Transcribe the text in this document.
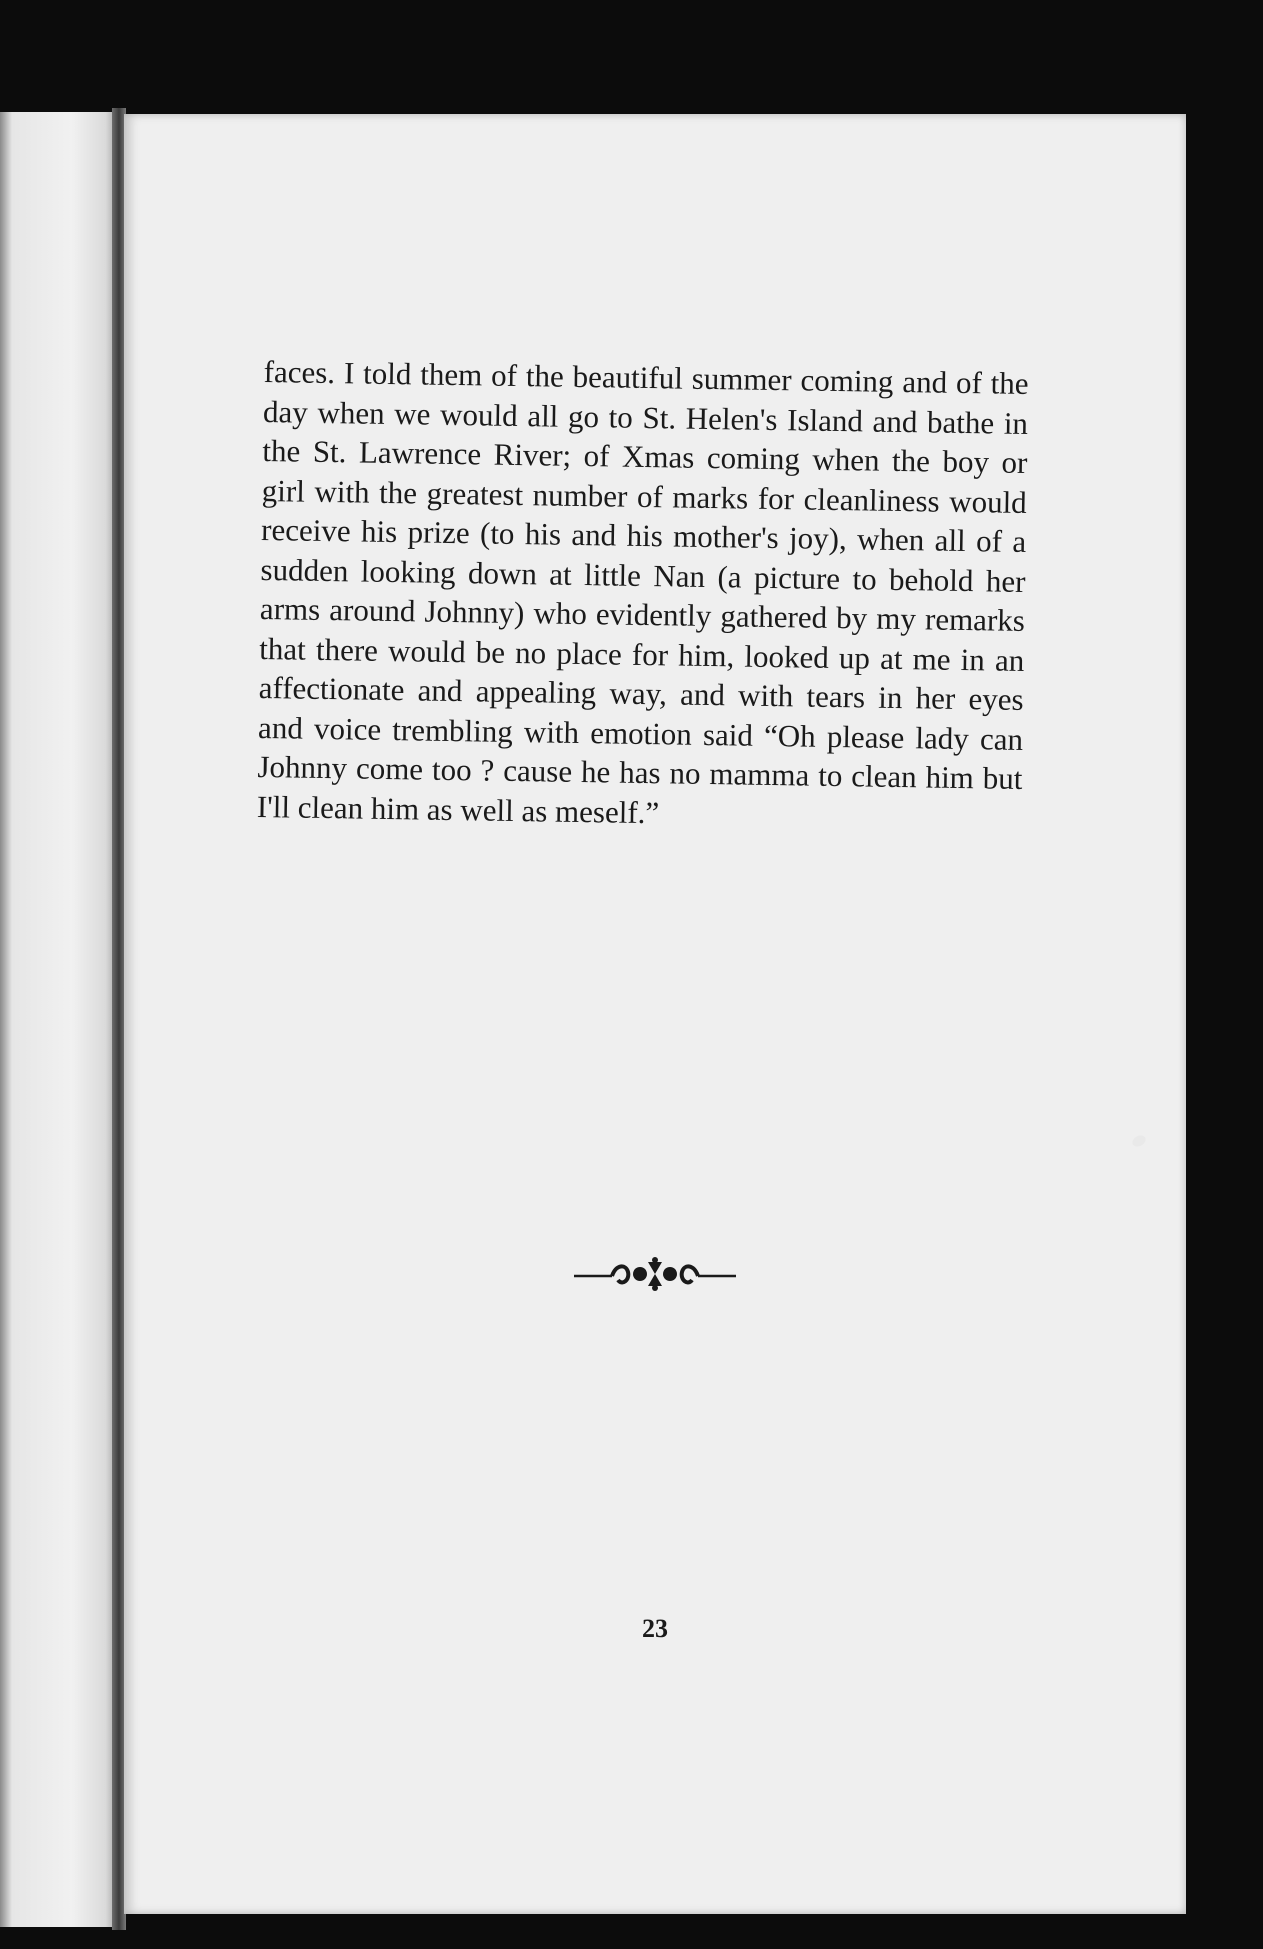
faces. I told them of the beautiful summer coming and of the day when we would all go to St. Helen's Island and bathe in the St. Lawrence River; of Xmas coming when the boy or girl with the greatest number of marks for cleanliness would receive his prize (to his and his mother's joy), when all of a sudden looking down at little Nan (a picture to behold her arms around Johnny) who evidently gathered by my remarks that there would be no place for him, looked up at me in an affectionate and appealing way, and with tears in her eyes and voice trembling with emotion said “Oh please lady can Johnny come too ? cause he has no mamma to clean him but I'll clean him as well as meself.”

23
